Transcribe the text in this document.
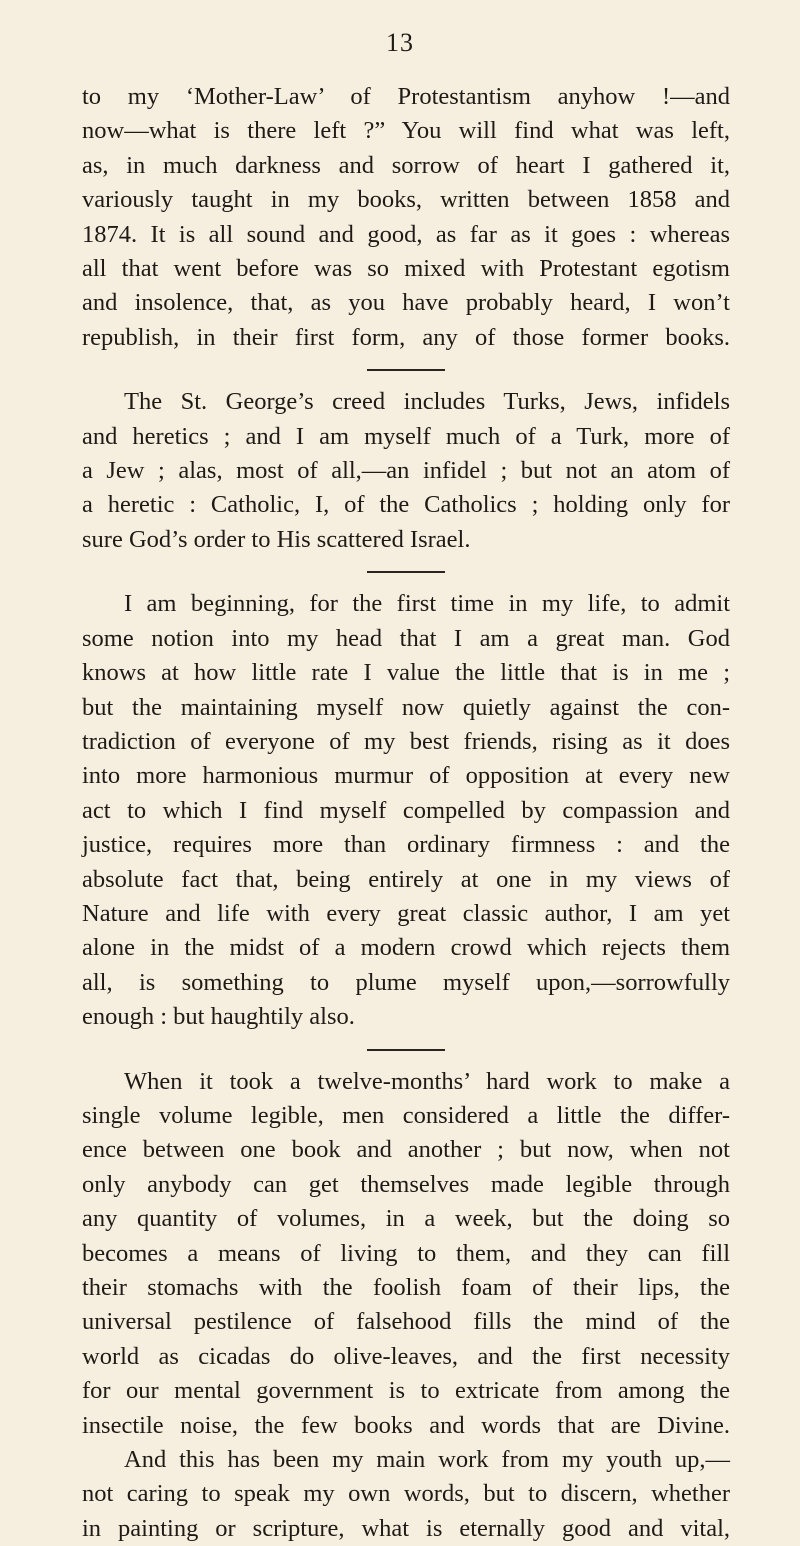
13
to my ‘Mother-Law’ of Protestantism anyhow !—and
now—what is there left ?” You will find what was left,
as, in much darkness and sorrow of heart I gathered it,
variously taught in my books, written between 1858 and
1874. It is all sound and good, as far as it goes : whereas
all that went before was so mixed with Protestant egotism
and insolence, that, as you have probably heard, I won’t
republish, in their first form, any of those former books.
The St. George’s creed includes Turks, Jews, infidels
and heretics ; and I am myself much of a Turk, more of
a Jew ; alas, most of all,—an infidel ; but not an atom of
a heretic : Catholic, I, of the Catholics ; holding only for
sure God’s order to His scattered Israel.
I am beginning, for the first time in my life, to admit
some notion into my head that I am a great man. God
knows at how little rate I value the little that is in me ;
but the maintaining myself now quietly against the con-
tradiction of everyone of my best friends, rising as it does
into more harmonious murmur of opposition at every new
act to which I find myself compelled by compassion and
justice, requires more than ordinary firmness : and the
absolute fact that, being entirely at one in my views of
Nature and life with every great classic author, I am yet
alone in the midst of a modern crowd which rejects them
all, is something to plume myself upon,—sorrowfully
enough : but haughtily also.
When it took a twelve-months’ hard work to make a
single volume legible, men considered a little the differ-
ence between one book and another ; but now, when not
only anybody can get themselves made legible through
any quantity of volumes, in a week, but the doing so
becomes a means of living to them, and they can fill
their stomachs with the foolish foam of their lips, the
universal pestilence of falsehood fills the mind of the
world as cicadas do olive-leaves, and the first necessity
for our mental government is to extricate from among the
insectile noise, the few books and words that are Divine.
And this has been my main work from my youth up,—
not caring to speak my own words, but to discern, whether
in painting or scripture, what is eternally good and vital,
